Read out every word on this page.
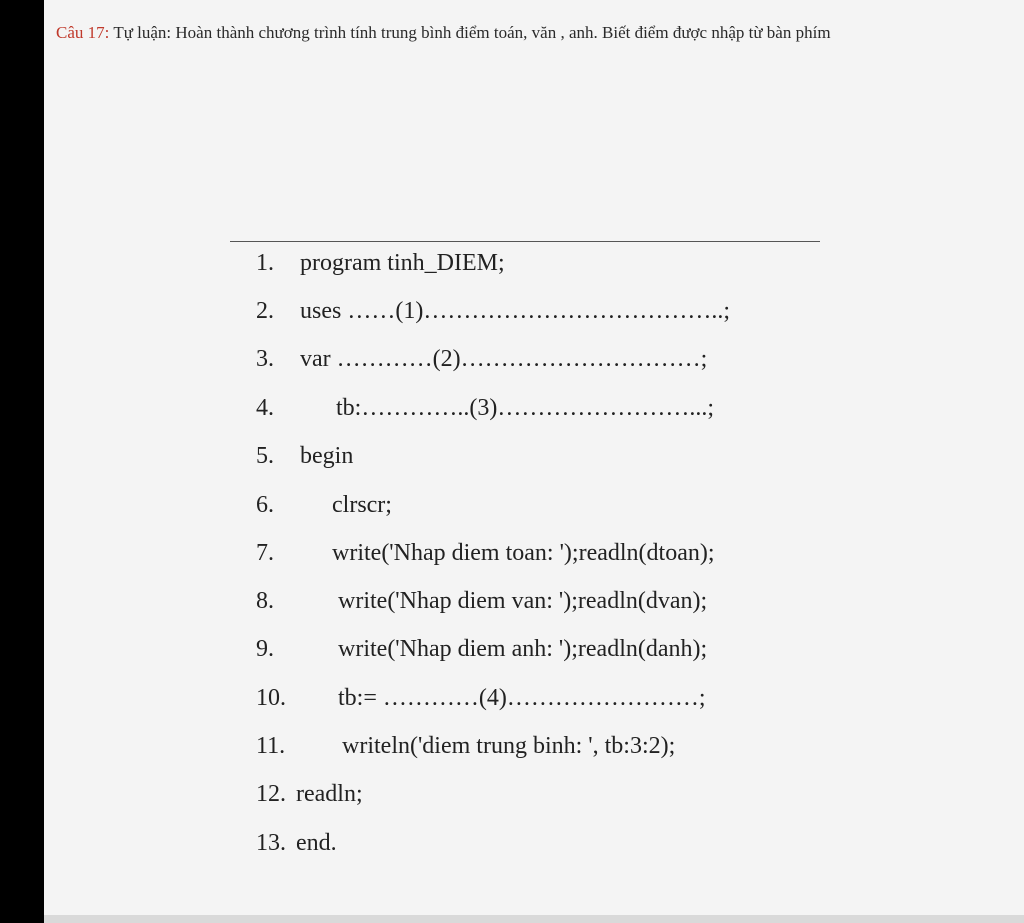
Câu 17: Tự luận: Hoàn thành chương trình tính trung bình điểm toán, văn , anh. Biết điểm được nhập từ bàn phím
1. program tinh_DIEM;
2. uses ……(1)………………………………..;
3. var …………(2)…………………………;
4.	tb:…………..(3)……………………...;
5. begin
6. clrscr;
7. write('Nhap diem toan: ');readln(dtoan);
8.	write('Nhap diem van: ');readln(dvan);
9.	write('Nhap diem anh: ');readln(danh);
10. tb:= …………(4)……………………;
11. writeln('diem trung binh: ', tb:3:2);
12. readln;
13. end.
